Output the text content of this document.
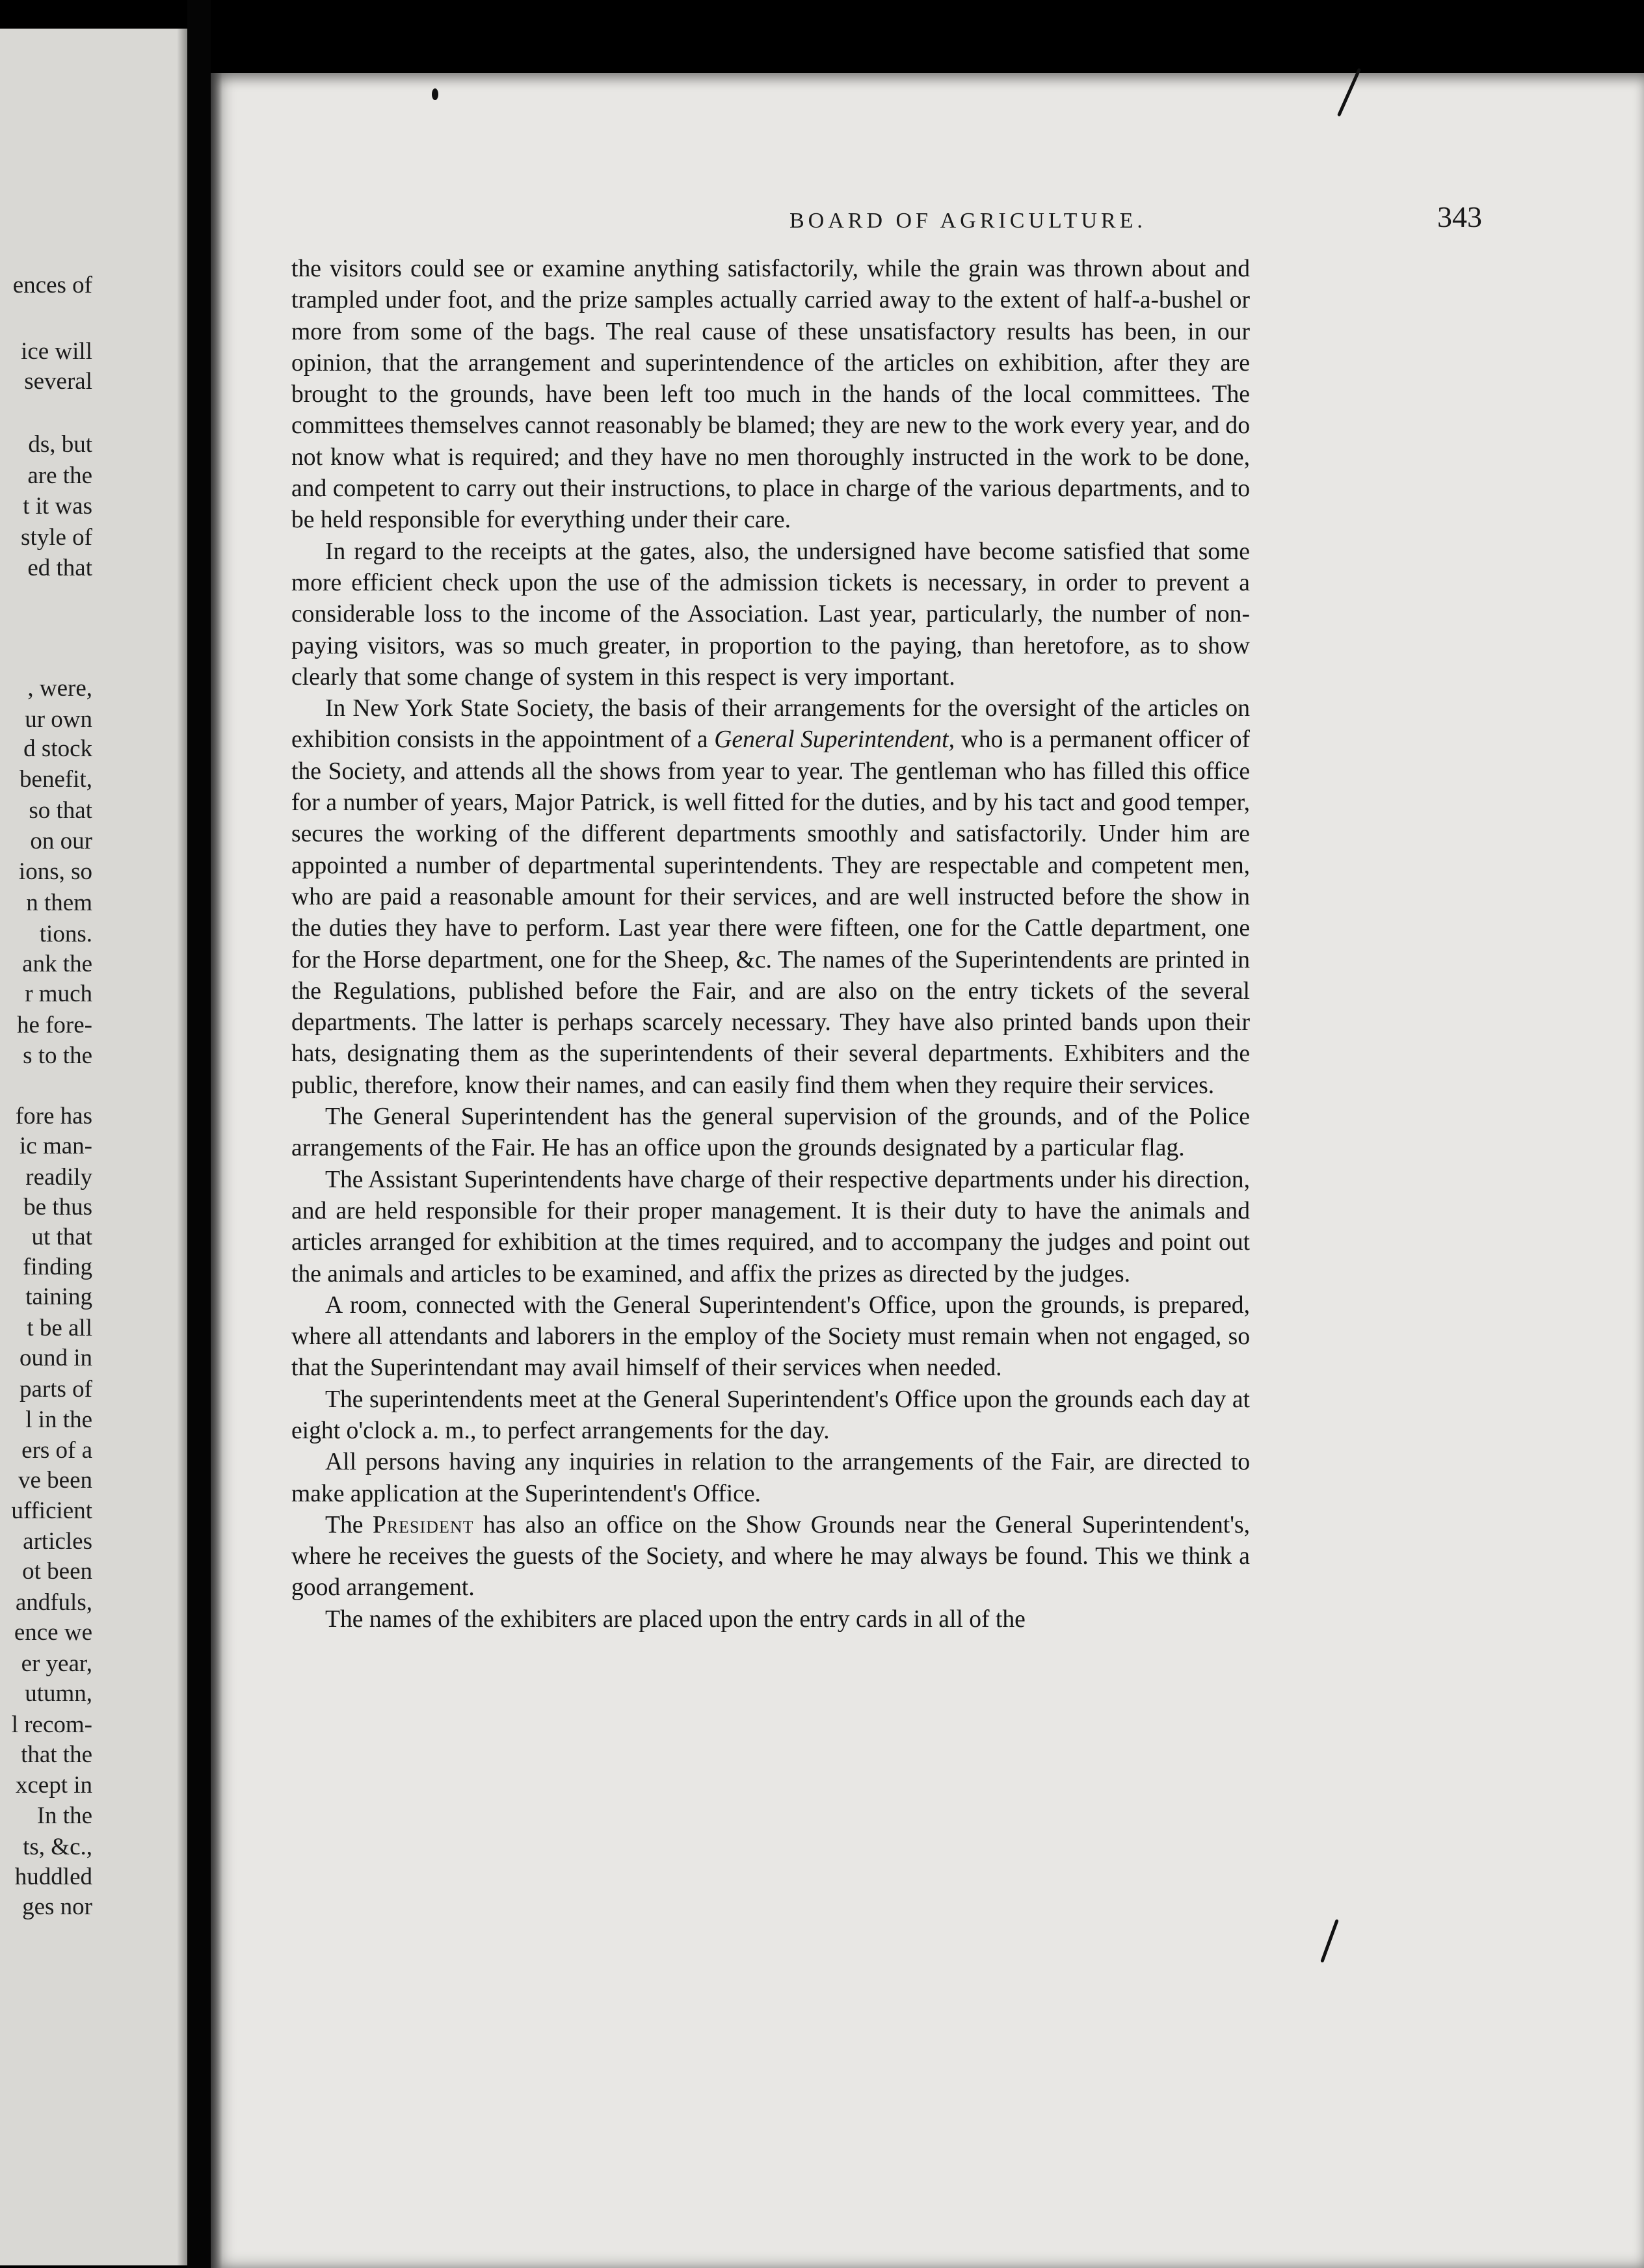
ences of
ice will
several
ds, but
are the
t it was
style of
ed that
, were,
ur own
d stock
benefit,
so that
on our
ions, so
n them
tions.
ank the
r much
he fore-
s to the
fore has
ic man-
readily
be thus
ut that
finding
taining
t be all
ound in
parts of
l in the
ers of a
ve been
ufficient
articles
ot been
andfuls,
ence we
er year,
utumn,
l recom-
that the
xcept in
In the
ts, &c.,
huddled
ges nor
BOARD OF AGRICULTURE.	343

the visitors could see or examine anything satisfactorily, while the grain was thrown about and trampled under foot, and the prize samples actually carried away to the extent of half-a-bushel or more from some of the bags. The real cause of these unsatisfactory results has been, in our opinion, that the arrangement and superintendence of the articles on exhibition, after they are brought to the grounds, have been left too much in the hands of the local committees. The committees themselves cannot reasonably be blamed; they are new to the work every year, and do not know what is required; and they have no men thoroughly instructed in the work to be done, and competent to carry out their instructions, to place in charge of the various departments, and to be held responsible for everything under their care.

In regard to the receipts at the gates, also, the undersigned have become satisfied that some more efficient check upon the use of the admission tickets is necessary, in order to prevent a considerable loss to the income of the Association. Last year, particularly, the number of non-paying visitors, was so much greater, in proportion to the paying, than heretofore, as to show clearly that some change of system in this respect is very important.

In New York State Society, the basis of their arrangements for the oversight of the articles on exhibition consists in the appointment of a General Superintendent, who is a permanent officer of the Society, and attends all the shows from year to year. The gentleman who has filled this office for a number of years, Major Patrick, is well fitted for the duties, and by his tact and good temper, secures the working of the different departments smoothly and satisfactorily. Under him are appointed a number of departmental superintendents. They are respectable and competent men, who are paid a reasonable amount for their services, and are well instructed before the show in the duties they have to perform. Last year there were fifteen, one for the Cattle department, one for the Horse department, one for the Sheep, &c. The names of the Superintendents are printed in the Regulations, published before the Fair, and are also on the entry tickets of the several departments. The latter is perhaps scarcely necessary. They have also printed bands upon their hats, designating them as the superintendents of their several departments. Exhibiters and the public, therefore, know their names, and can easily find them when they require their services.

The General Superintendent has the general supervision of the grounds, and of the Police arrangements of the Fair. He has an office upon the grounds designated by a particular flag.

The Assistant Superintendents have charge of their respective departments under his direction, and are held responsible for their proper management. It is their duty to have the animals and articles arranged for exhibition at the times required, and to accompany the judges and point out the animals and articles to be examined, and affix the prizes as directed by the judges.

A room, connected with the General Superintendent's Office, upon the grounds, is prepared, where all attendants and laborers in the employ of the Society must remain when not engaged, so that the Superintendant may avail himself of their services when needed.

The superintendents meet at the General Superintendent's Office upon the grounds each day at eight o'clock a. m., to perfect arrangements for the day.

All persons having any inquiries in relation to the arrangements of the Fair, are directed to make application at the Superintendent's Office.

The President has also an office on the Show Grounds near the General Superintendent's, where he receives the guests of the Society, and where he may always be found. This we think a good arrangement.

The names of the exhibiters are placed upon the entry cards in all of the
